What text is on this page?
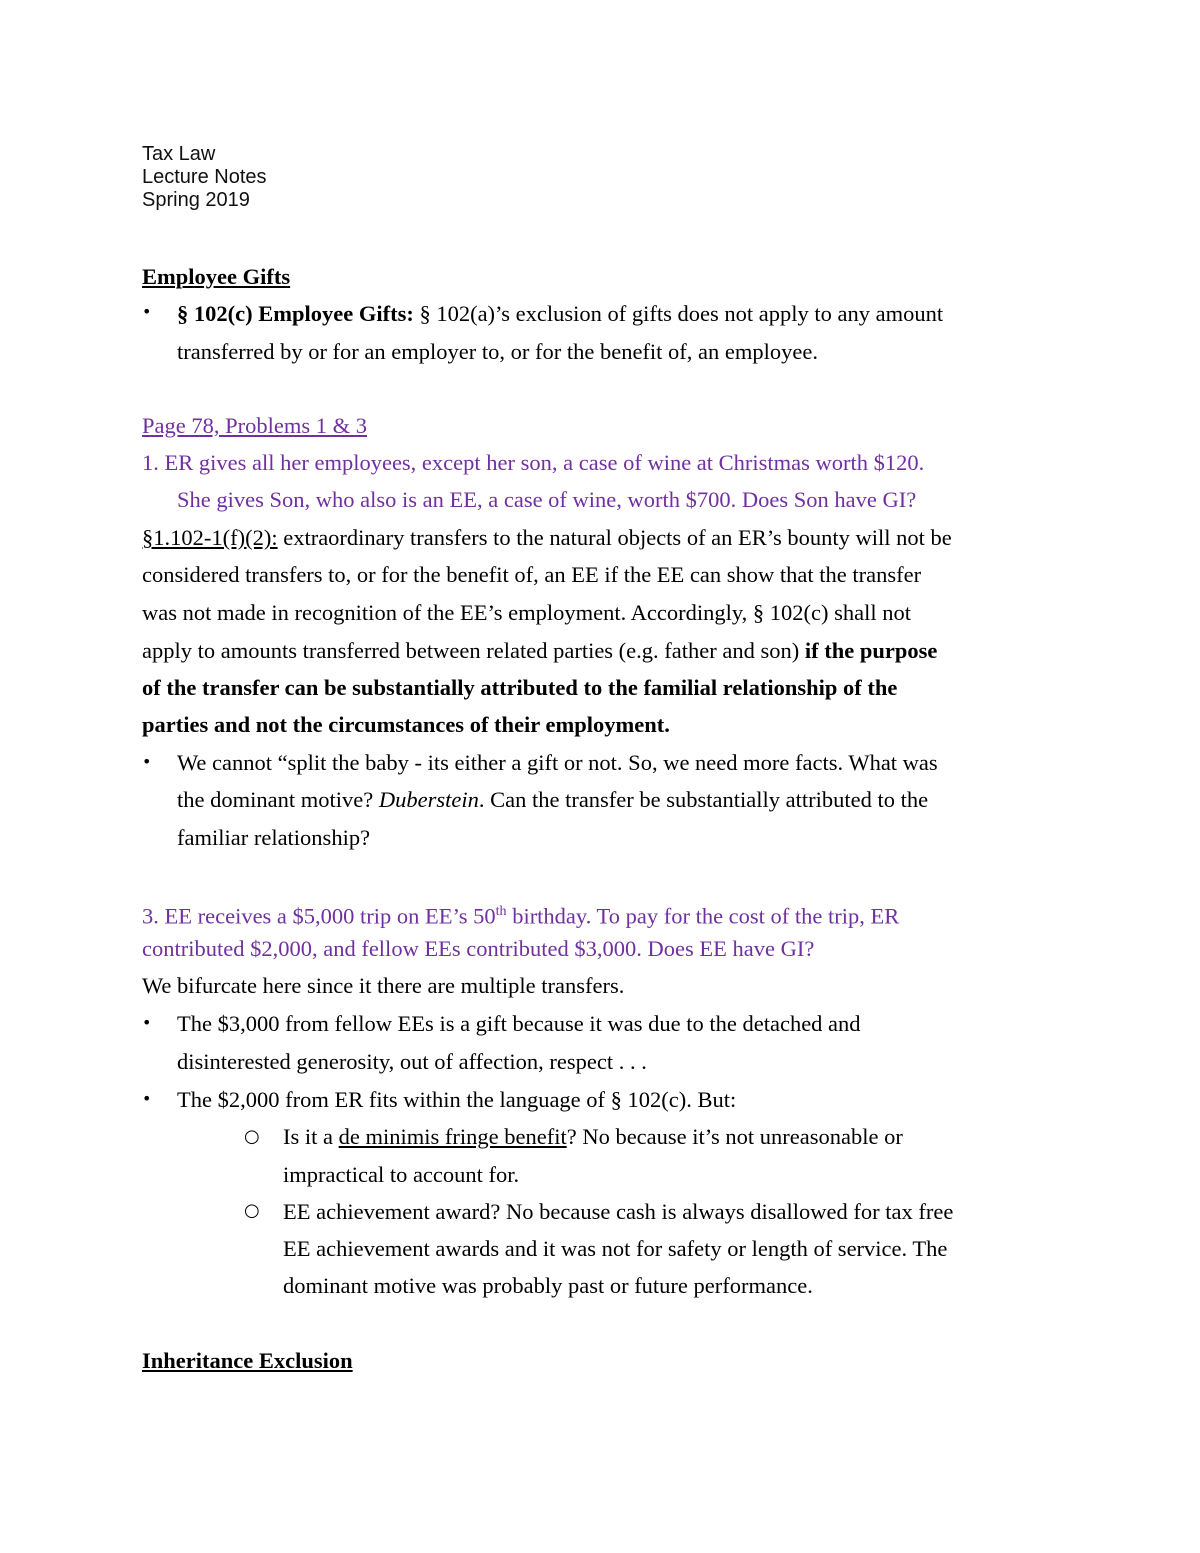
Tax Law
Lecture Notes
Spring 2019
Employee Gifts
• § 102(c) Employee Gifts: § 102(a)’s exclusion of gifts does not apply to any amount
transferred by or for an employer to, or for the benefit of, an employee.
Page 78, Problems 1 & 3
1. ER gives all her employees, except her son, a case of wine at Christmas worth $120.
She gives Son, who also is an EE, a case of wine, worth $700. Does Son have GI?
§1.102-1(f)(2): extraordinary transfers to the natural objects of an ER’s bounty will not be
considered transfers to, or for the benefit of, an EE if the EE can show that the transfer
was not made in recognition of the EE’s employment. Accordingly, § 102(c) shall not
apply to amounts transferred between related parties (e.g. father and son) if the purpose
of the transfer can be substantially attributed to the familial relationship of the
parties and not the circumstances of their employment.
• We cannot “split the baby - its either a gift or not. So, we need more facts. What was
the dominant motive? Duberstein. Can the transfer be substantially attributed to the
familiar relationship?
3. EE receives a $5,000 trip on EE’s 50th birthday. To pay for the cost of the trip, ER
contributed $2,000, and fellow EEs contributed $3,000. Does EE have GI?
We bifurcate here since it there are multiple transfers.
• The $3,000 from fellow EEs is a gift because it was due to the detached and
disinterested generosity, out of affection, respect . . .
• The $2,000 from ER fits within the language of § 102(c). But:
○ Is it a de minimis fringe benefit? No because it’s not unreasonable or
impractical to account for.
○ EE achievement award? No because cash is always disallowed for tax free
EE achievement awards and it was not for safety or length of service. The
dominant motive was probably past or future performance.
Inheritance Exclusion
